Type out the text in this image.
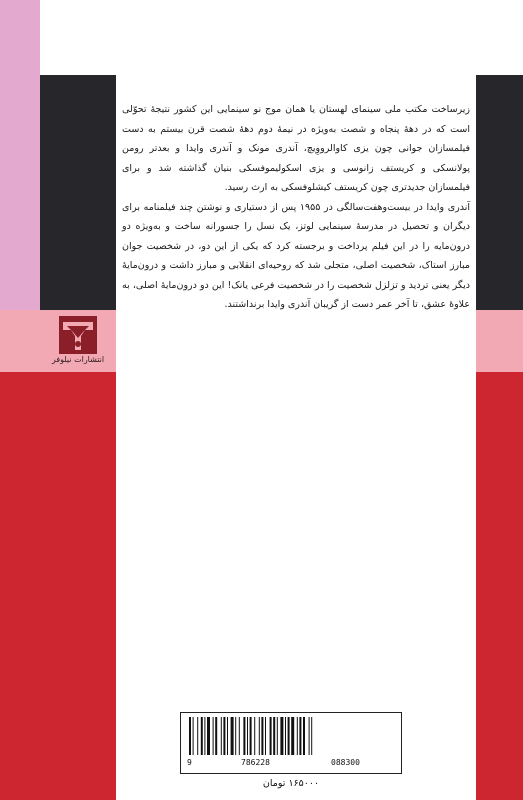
انتشارات نیلوفر

زیرساخت مکتب ملی سینمای لهستان یا همان موج نو سینمایی این کشور نتیجهٔ تحوّلی است که در دههٔ پنجاه و شصت به‌ویژه در نیمهٔ دوم دههٔ شصت قرن بیستم به دست فیلمسازان جوانی چون یزی کاوالرووِیچ، آندری مونک و آندری وایدا و بعدتر رومن پولانسکی و کریستف زانوسی و یزی اسکولیموفسکی بنیان گذاشته شد و برای فیلمسازان جدیدتری چون کریستف کیشلوفسکی به ارث رسید.

آندری وایدا در بیست‌وهفت‌سالگی در ۱۹۵۵ پس از دستیاری و نوشتن چند فیلمنامه برای دیگران و تحصیل در مدرسهٔ سینمایی لوتز، یک نسل را جسورانه ساخت و به‌ویژه دو درون‌مایه را در این فیلم پرداخت و برجسته کرد که یکی از این دو، در شخصیت جوان مبارز استاک، شخصیت اصلی، متجلی شد که روحیه‌ای انقلابی و مبارز داشت و درون‌مایهٔ دیگر یعنی تردید و تزلزل شخصیت را در شخصیت فرعی یانک! این دو درون‌مایهٔ اصلی، به علاوهٔ عشق، تا آخر عمر دست از گریبان آندری وایدا برنداشتند.

9	786228	088300
۱۶۵۰۰۰ تومان
